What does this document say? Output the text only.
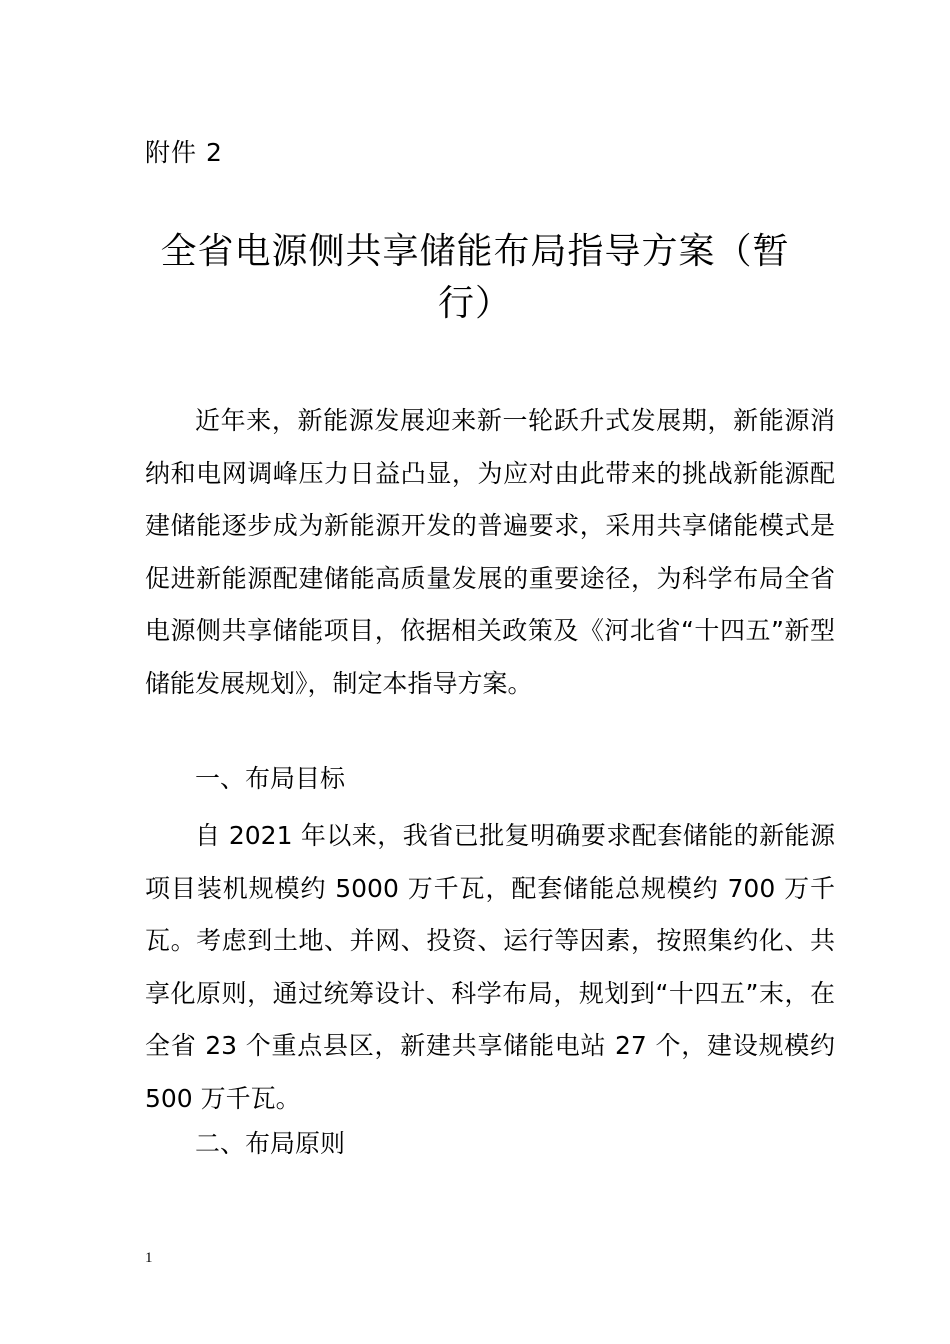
附件 2
全省电源侧共享储能布局指导方案（暂行）

近年来，新能源发展迎来新一轮跃升式发展期，新能源消纳和电网调峰压力日益凸显，为应对由此带来的挑战新能源配建储能逐步成为新能源开发的普遍要求，采用共享储能模式是促进新能源配建储能高质量发展的重要途径，为科学布局全省电源侧共享储能项目，依据相关政策及《河北省“十四五”新型储能发展规划》，制定本指导方案。

一、布局目标

自 2021 年以来，我省已批复明确要求配套储能的新能源项目装机规模约 5000 万千瓦，配套储能总规模约 700 万千瓦。考虑到土地、并网、投资、运行等因素，按照集约化、共享化原则，通过统筹设计、科学布局，规划到“十四五”末，在全省 23 个重点县区，新建共享储能电站 27 个，建设规模约 500 万千瓦。

二、布局原则

1
